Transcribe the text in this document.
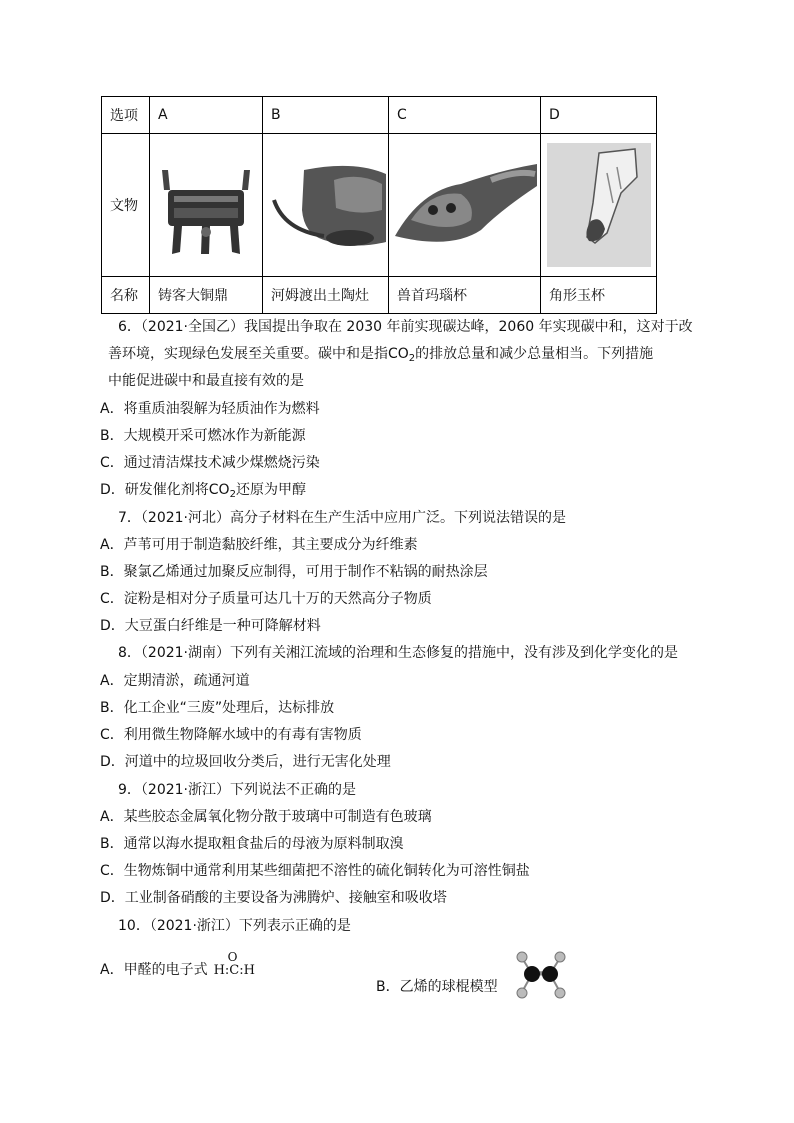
选项	A	B	C	D
文物	

名称	铸客大铜鼎	河姆渡出土陶灶	兽首玛瑙杯	角形玉杯
6．（2021·全国乙）我国提出争取在 2030 年前实现碳达峰，2060 年实现碳中和，这对于改
善环境，实现绿色发展至关重要。碳中和是指$CO_2$的排放总量和减少总量相当。下列措施
中能促进碳中和最直接有效的是
A．将重质油裂解为轻质油作为燃料
B．大规模开采可燃冰作为新能源
C．通过清洁煤技术减少煤燃烧污染
D．研发催化剂将$CO_2$还原为甲醇
7．（2021·河北）高分子材料在生产生活中应用广泛。下列说法错误的是
A．芦苇可用于制造黏胶纤维，其主要成分为纤维素
B．聚氯乙烯通过加聚反应制得，可用于制作不粘锅的耐热涂层
C．淀粉是相对分子质量可达几十万的天然高分子物质
D．大豆蛋白纤维是一种可降解材料
8．（2021·湖南）下列有关湘江流域的治理和生态修复的措施中，没有涉及到化学变化的是
A．定期清淤，疏通河道
B．化工企业“三废”处理后，达标排放
C．利用微生物降解水域中的有毒有害物质
D．河道中的垃圾回收分类后，进行无害化处理
9．（2021·浙江）下列说法不正确的是
A．某些胶态金属氧化物分散于玻璃中可制造有色玻璃
B．通常以海水提取粗食盐后的母液为原料制取溴
C．生物炼铜中通常利用某些细菌把不溶性的硫化铜转化为可溶性铜盐
D．工业制备硝酸的主要设备为沸腾炉、接触室和吸收塔
10．（2021·浙江）下列表示正确的是
A．甲醛的电子式
O
H:C:H
B．乙烯的球棍模型
